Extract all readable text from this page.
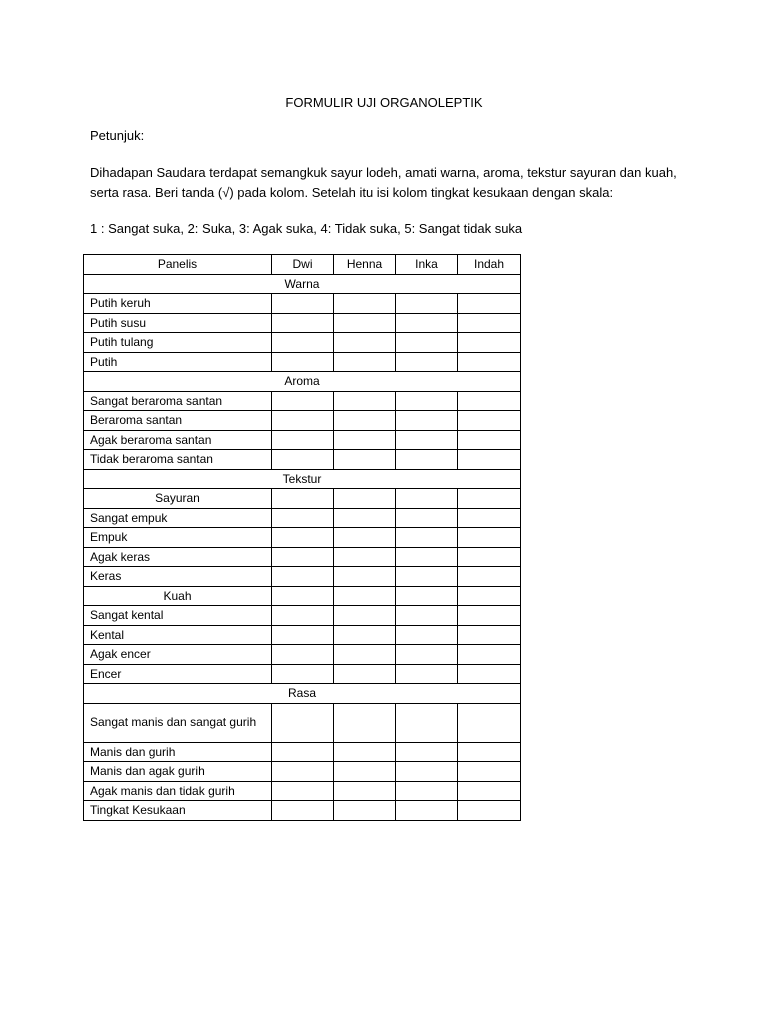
FORMULIR UJI ORGANOLEPTIK
Petunjuk:

Dihadapan Saudara terdapat semangkuk sayur lodeh, amati warna, aroma, tekstur sayuran dan kuah, serta rasa. Beri tanda (√) pada kolom. Setelah itu isi kolom tingkat kesukaan dengan skala:

1 : Sangat suka, 2: Suka, 3: Agak suka, 4: Tidak suka, 5: Sangat tidak suka
Panelis	Dwi	Henna	Inka	Indah
Warna				
Putih keruh				
Putih susu				
Putih tulang				
Putih				
Aroma				
Sangat beraroma santan				
Beraroma santan				
Agak beraroma santan				
Tidak beraroma santan				
Tekstur				
Sayuran				
Sangat empuk				
Empuk				
Agak keras				
Keras				
Kuah				
Sangat kental				
Kental				
Agak encer				
Encer				
Rasa				
Sangat manis dan sangat gurih				
Manis dan gurih				
Manis dan agak gurih				
Agak manis dan tidak gurih				
Tingkat Kesukaan				
